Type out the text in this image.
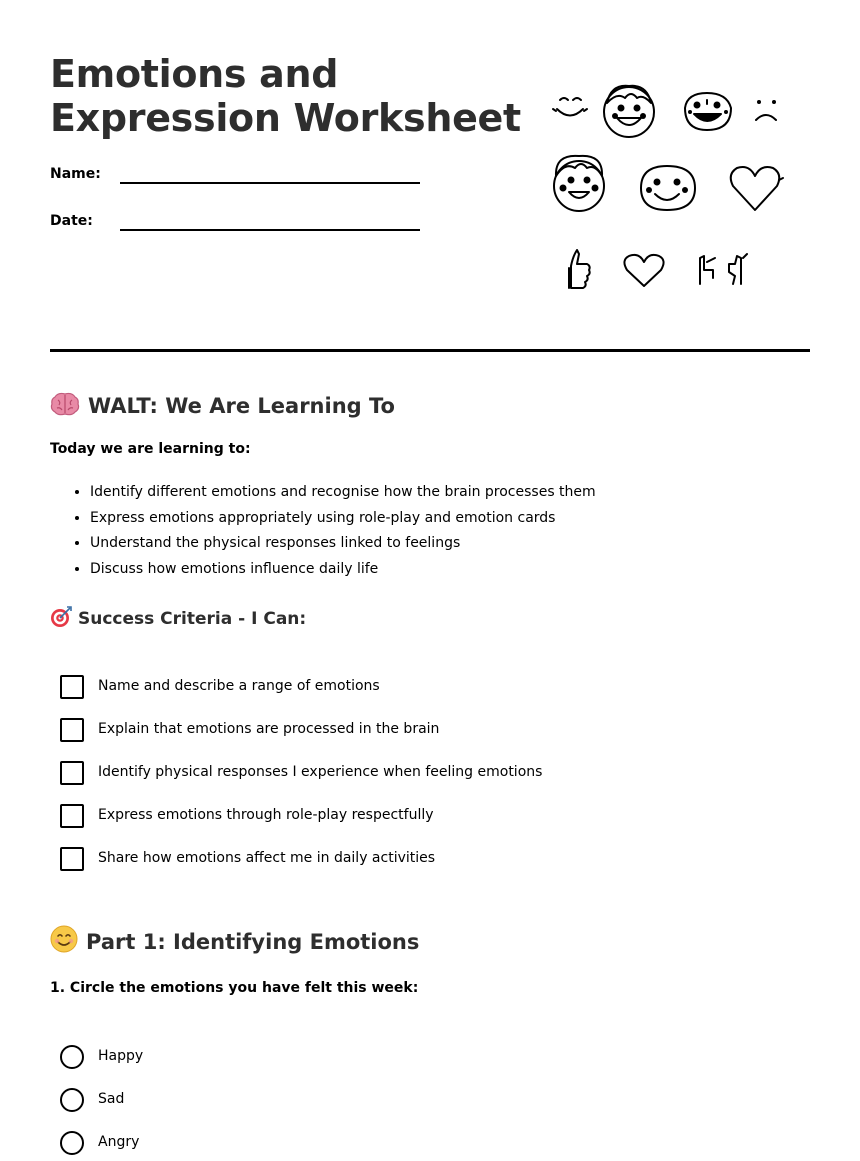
Emotions and
Expression Worksheet
Name:
Date:
WALT: We Are Learning To
Today we are learning to:
• Identify different emotions and recognise how the brain processes them
• Express emotions appropriately using role-play and emotion cards
• Understand the physical responses linked to feelings
• Discuss how emotions influence daily life
Success Criteria - I Can:
Name and describe a range of emotions
Explain that emotions are processed in the brain
Identify physical responses I experience when feeling emotions
Express emotions through role-play respectfully
Share how emotions affect me in daily activities
Part 1: Identifying Emotions
1. Circle the emotions you have felt this week:
Happy
Sad
Angry
